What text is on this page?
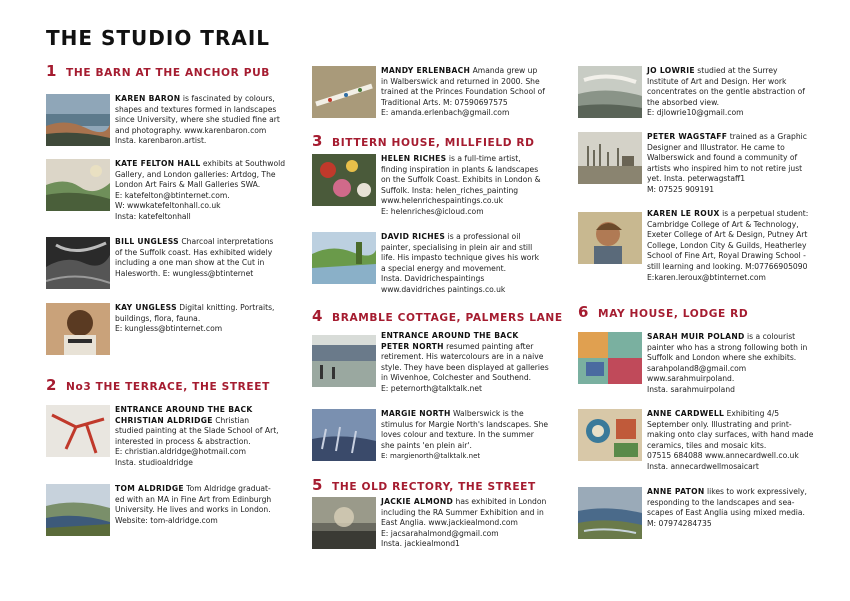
THE STUDIO TRAIL
1 THE BARN AT THE ANCHOR PUB
KAREN BARON is fascinated by colours,
shapes and textures formed in landscapes
since University, where she studied fine art
and photography. www.karenbaron.com
Insta. karenbaron.artist.
KATE FELTON HALL exhibits at Southwold
Gallery, and London galleries: Artdog, The
London Art Fairs & Mall Galleries SWA.
E: katefelton@btinternet.com.
W: wwwkatefeltonhall.co.uk
Insta: katefeltonhall
BILL UNGLESS Charcoal interpretations
of the Suffolk coast. Has exhibited widely
including a one man show at the Cut in
Halesworth. E: wungless@btinternet
KAY UNGLESS Digital knitting. Portraits,
buildings, flora, fauna.
E: kungless@btinternet.com
2 No3 THE TERRACE, THE STREET
ENTRANCE AROUND THE BACK
CHRISTIAN ALDRIDGE Christian
studied painting at the Slade School of Art,
interested in process & abstraction.
E: christian.aldridge@hotmail.com
Insta. studioaldridge
TOM ALDRIDGE Tom Aldridge graduat-
ed with an MA in Fine Art from Edinburgh
University. He lives and works in London.
Website: tom-aldridge.com
MANDY ERLENBACH Amanda grew up
in Walberswick and returned in 2000. She
trained at the Princes Foundation School of
Traditional Arts. M: 07590697575
E: amanda.erlenbach@gmail.com
3 BITTERN HOUSE, MILLFIELD RD
HELEN RICHES is a full-time artist,
finding inspiration in plants & landscapes
on the Suffolk Coast. Exhibits in London &
Suffolk. Insta: helen_riches_painting
www.helenrichespaintings.co.uk
E: helenriches@icloud.com
DAVID RICHES is a professional oil
painter, specialising in plein air and still
life. His impasto technique gives his work
a special energy and movement.
Insta. Davidrichespaintings
www.davidriches paintings.co.uk
4 BRAMBLE COTTAGE, PALMERS LANE
ENTRANCE AROUND THE BACK
PETER NORTH resumed painting after
retirement. His watercolours are in a naive
style. They have been displayed at galleries
in Wivenhoe, Colchester and Southend.
E: peternorth@talktalk.net
MARGIE NORTH Walberswick is the
stimulus for Margie North's landscapes. She
loves colour and texture. In the summer
she paints 'en plein air'.
E: margienorth@talktalk.net
5 THE OLD RECTORY, THE STREET
JACKIE ALMOND has exhibited in London
including the RA Summer Exhibition and in
East Anglia. www.jackiealmond.com
E: jacsarahalmond@gmail.com
Insta. jackiealmond1
JO LOWRIE studied at the Surrey
Institute of Art and Design. Her work
concentrates on the gentle abstraction of
the absorbed view.
E: djlowrie10@gmail.com
PETER WAGSTAFF trained as a Graphic
Designer and Illustrator. He came to
Walberswick and found a community of
artists who inspired him to not retire just
yet. Insta. peterwagstaff1
M: 07525 909191
KAREN LE ROUX is a perpetual student:
Cambridge College of Art & Technology,
Exeter College of Art & Design, Putney Art
College, London City & Guilds, Heatherley
School of Fine Art, Royal Drawing School -
still learning and looking. M:07766905090
E:karen.leroux@btinternet.com
6 MAY HOUSE, LODGE RD
SARAH MUIR POLAND is a colourist
painter who has a strong following both in
Suffolk and London where she exhibits.
sarahpoland8@gmail.com
www.sarahmuirpoland.
Insta. sarahmuirpoland
ANNE CARDWELL Exhibiting 4/5
September only. Illustrating and print-
making onto clay surfaces, with hand made
ceramics, tiles and mosaic kits.
07515 684088 www.annecardwell.co.uk
Insta. annecardwellmosaicart
ANNE PATON likes to work expressively,
responding to the landscapes and sea-
scapes of East Anglia using mixed media.
M: 07974284735
